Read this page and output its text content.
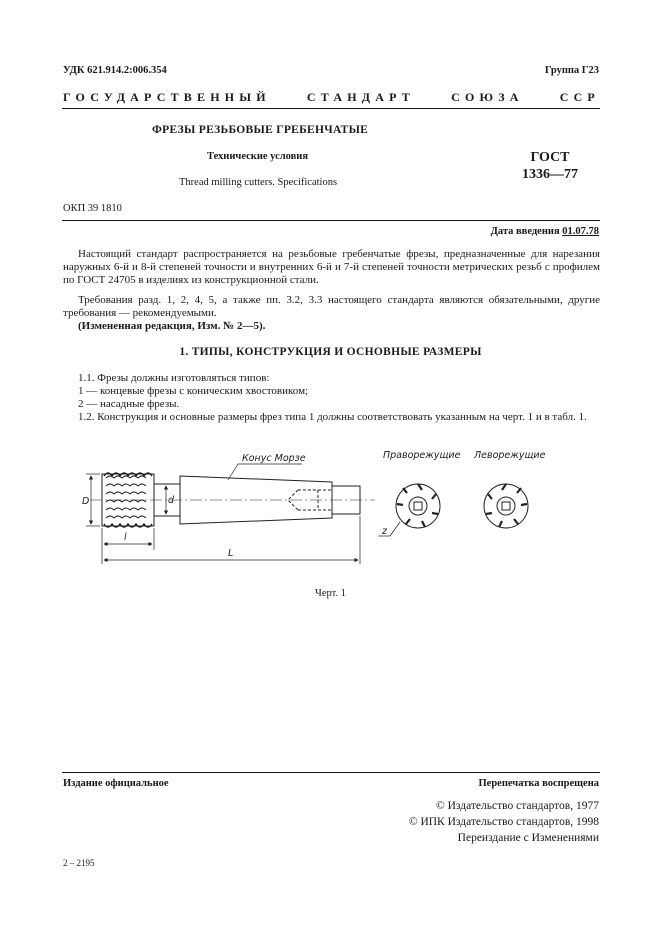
УДК 621.914.2:006.354	Группа Г23
ГОСУДАРСТВЕННЫЙ	СТАНДАРТ	СОЮЗА	ССР
ФРЕЗЫ РЕЗЬБОВЫЕ ГРЕБЕНЧАТЫЕ
Технические условия	ГОСТ
1336—77
Thread milling cutters. Specifications
ОКП 39 1810
Дата введения 01.07.78

Настоящий стандарт распространяется на резьбовые гребенчатые фрезы, предназначенные для нарезания наружных 6-й и 8-й степеней точности и внутренних 6-й и 7-й степеней точности метрических резьб с профилем по ГОСТ 24705 в изделиях из конструкционной стали.

Требования разд. 1, 2, 4, 5, а также пп. 3.2, 3.3 настоящего стандарта являются обязательными, другие требования — рекомендуемыми.

(Измененная редакция, Изм. № 2—5).

1. ТИПЫ, КОНСТРУКЦИЯ И ОСНОВНЫЕ РАЗМЕРЫ
1.1. Фрезы должны изготовляться типов:
1 — концевые фрезы с коническим хвостовиком;
2 — насадные фрезы.

1.2. Конструкция и основные размеры фрез типа 1 должны соответствовать указанным на черт. 1 и в табл. 1.

D	d
l
L
Конус Морзе
z
Праворежущие Леворежущие
Черт. 1
Издание официальное	Перепечатка воспрещена
© Издательство стандартов, 1977
© ИПК Издательство стандартов, 1998
Переиздание с Изменениями
2 – 2195
